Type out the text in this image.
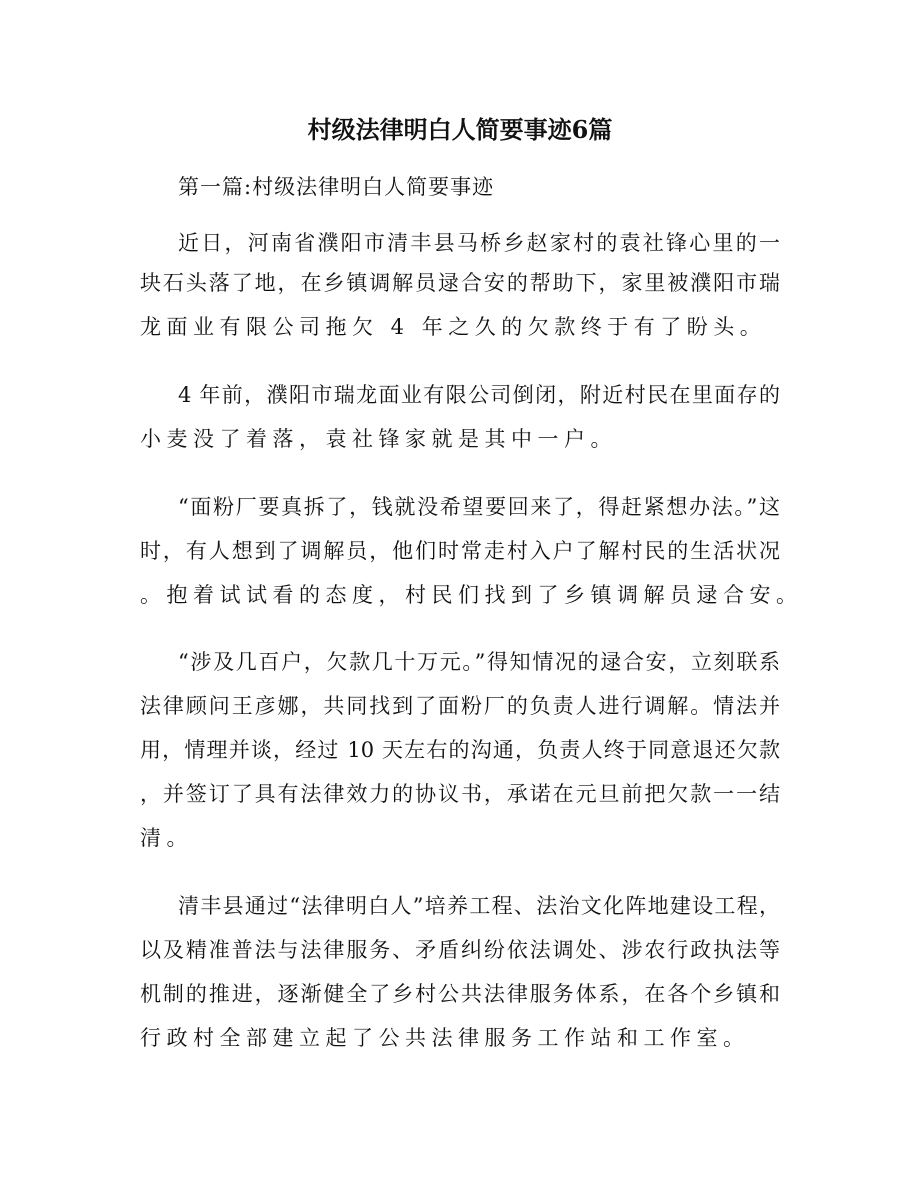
村级法律明白人简要事迹6篇
第一篇:村级法律明白人简要事迹
近日，河南省濮阳市清丰县马桥乡赵家村的袁社锋心里的一
块石头落了地，在乡镇调解员逯合安的帮助下，家里被濮阳市瑞
龙面业有限公司拖欠 4 年之久的欠款终于有了盼头。
4 年前，濮阳市瑞龙面业有限公司倒闭，附近村民在里面存的
小麦没了着落，袁社锋家就是其中一户。
“面粉厂要真拆了，钱就没希望要回来了，得赶紧想办法。”这
时，有人想到了调解员，他们时常走村入户了解村民的生活状况
。抱着试试看的态度，村民们找到了乡镇调解员逯合安。
“涉及几百户，欠款几十万元。”得知情况的逯合安，立刻联系
法律顾问王彦娜，共同找到了面粉厂的负责人进行调解。情法并
用，情理并谈，经过 10 天左右的沟通，负责人终于同意退还欠款
，并签订了具有法律效力的协议书，承诺在元旦前把欠款一一结
清。
清丰县通过“法律明白人”培养工程、法治文化阵地建设工程，
以及精准普法与法律服务、矛盾纠纷依法调处、涉农行政执法等
机制的推进，逐渐健全了乡村公共法律服务体系，在各个乡镇和
行政村全部建立起了公共法律服务工作站和工作室。
